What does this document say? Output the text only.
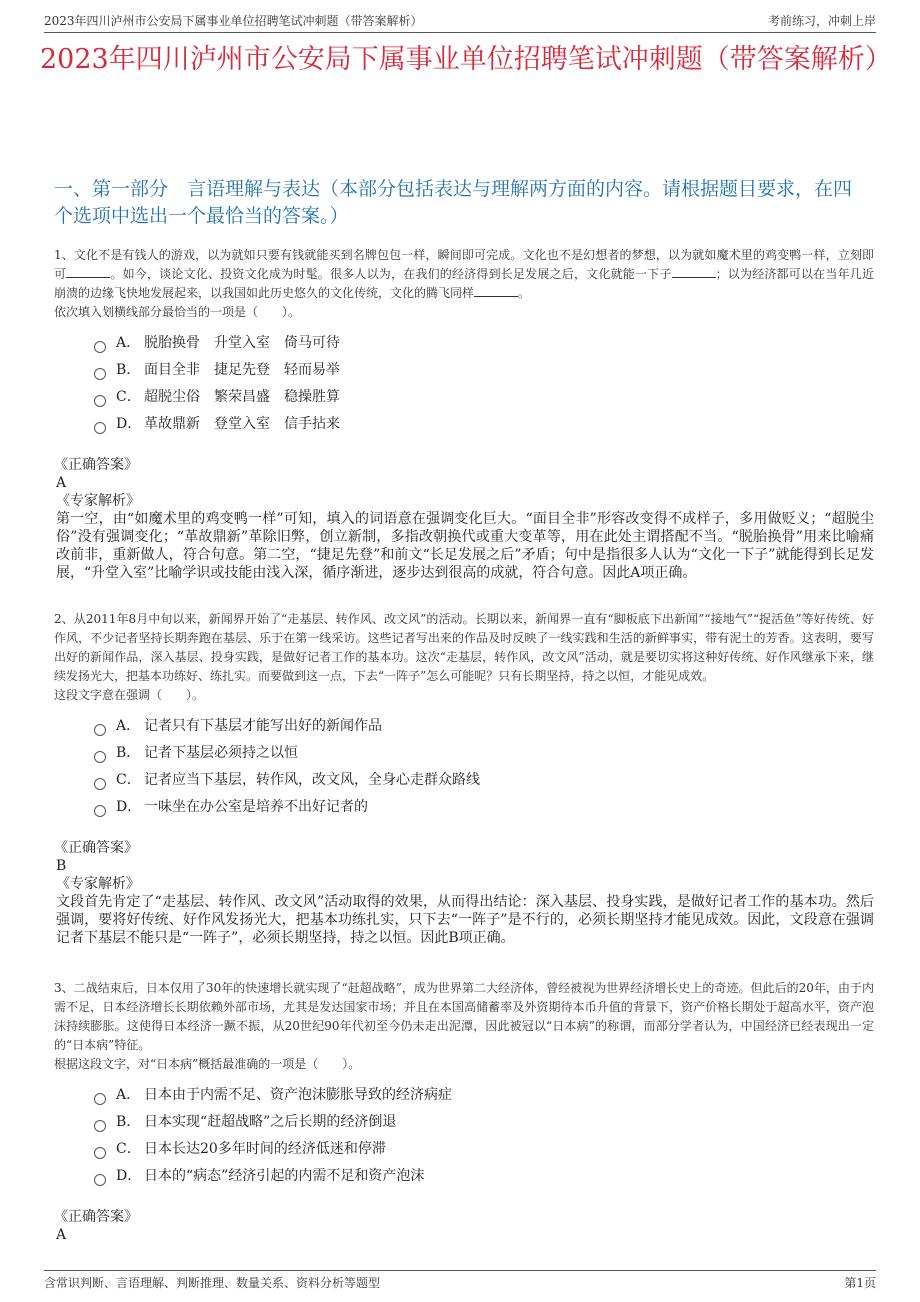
2023年四川泸州市公安局下属事业单位招聘笔试冲刺题（带答案解析）	考前练习，冲刺上岸
2023年四川泸州市公安局下属事业单位招聘笔试冲刺题（带答案解析）
一、第一部分　言语理解与表达（本部分包括表达与理解两方面的内容。请根据题目要求，在四个选项中选出一个最恰当的答案。）
1、文化不是有钱人的游戏，以为就如只要有钱就能买到名牌包包一样，瞬间即可完成。文化也不是幻想者的梦想，以为就如魔术里的鸡变鸭一样，立刻即可	。如今，谈论文化、投资文化成为时髦。很多人以为，在我们的经济得到长足发展之后，文化就能一下子	；以为经济都可以在当年几近崩溃的边缘飞快地发展起来，以我国如此历史悠久的文化传统，文化的腾飞同样	。
依次填入划横线部分最恰当的一项是（　　）。
A． 脱胎换骨　升堂入室　倚马可待
B． 面目全非　捷足先登　轻而易举
C． 超脱尘俗　繁荣昌盛　稳操胜算
D． 革故鼎新　登堂入室　信手拈来
《正确答案》
A
《专家解析》
第一空，由“如魔术里的鸡变鸭一样”可知，填入的词语意在强调变化巨大。“面目全非”形容改变得不成样子，多用做贬义；“超脱尘俗”没有强调变化；“革故鼎新”革除旧弊，创立新制，多指改朝换代或重大变革等，用在此处主谓搭配不当。“脱胎换骨”用来比喻痛改前非，重新做人，符合句意。第二空，“捷足先登”和前文“长足发展之后”矛盾；句中是指很多人认为“文化一下子”就能得到长足发展，“升堂入室”比喻学识或技能由浅入深，循序渐进，逐步达到很高的成就，符合句意。因此A项正确。
2、从2011年8月中旬以来，新闻界开始了“走基层、转作风、改文风”的活动。长期以来，新闻界一直有“脚板底下出新闻”“接地气”“捉活鱼”等好传统、好作风，不少记者坚持长期奔跑在基层、乐于在第一线采访。这些记者写出来的作品及时反映了一线实践和生活的新鲜事实，带有泥土的芳香。这表明，要写出好的新闻作品，深入基层、投身实践，是做好记者工作的基本功。这次“走基层，转作风，改文风”活动，就是要切实将这种好传统、好作风继承下来，继续发扬光大，把基本功练好、练扎实。而要做到这一点，下去“一阵子”怎么可能呢？只有长期坚持，持之以恒，才能见成效。
这段文字意在强调（　　）。
A． 记者只有下基层才能写出好的新闻作品
B． 记者下基层必须持之以恒
C． 记者应当下基层，转作风，改文风，全身心走群众路线
D． 一味坐在办公室是培养不出好记者的
《正确答案》
B
《专家解析》
文段首先肯定了“走基层、转作风、改文风”活动取得的效果，从而得出结论：深入基层、投身实践，是做好记者工作的基本功。然后强调，要将好传统、好作风发扬光大，把基本功练扎实，只下去“一阵子”是不行的，必须长期坚持才能见成效。因此，文段意在强调记者下基层不能只是“一阵子”，必须长期坚持，持之以恒。因此B项正确。
3、二战结束后，日本仅用了30年的快速增长就实现了“赶超战略”，成为世界第二大经济体，曾经被视为世界经济增长史上的奇迹。但此后的20年，由于内需不足，日本经济增长长期依赖外部市场，尤其是发达国家市场；并且在本国高储蓄率及外资期待本币升值的背景下，资产价格长期处于超高水平，资产泡沫持续膨胀。这使得日本经济一蹶不振，从20世纪90年代初至今仍未走出泥潭，因此被冠以“日本病”的称谓，而部分学者认为，中国经济已经表现出一定的“日本病”特征。
根据这段文字，对“日本病”概括最准确的一项是（　　）。
A． 日本由于内需不足、资产泡沫膨胀导致的经济病症
B． 日本实现“赶超战略”之后长期的经济倒退
C． 日本长达20多年时间的经济低迷和停滞
D． 日本的“病态”经济引起的内需不足和资产泡沫
《正确答案》
A
含常识判断、言语理解、判断推理、数量关系、资料分析等题型	第1页
